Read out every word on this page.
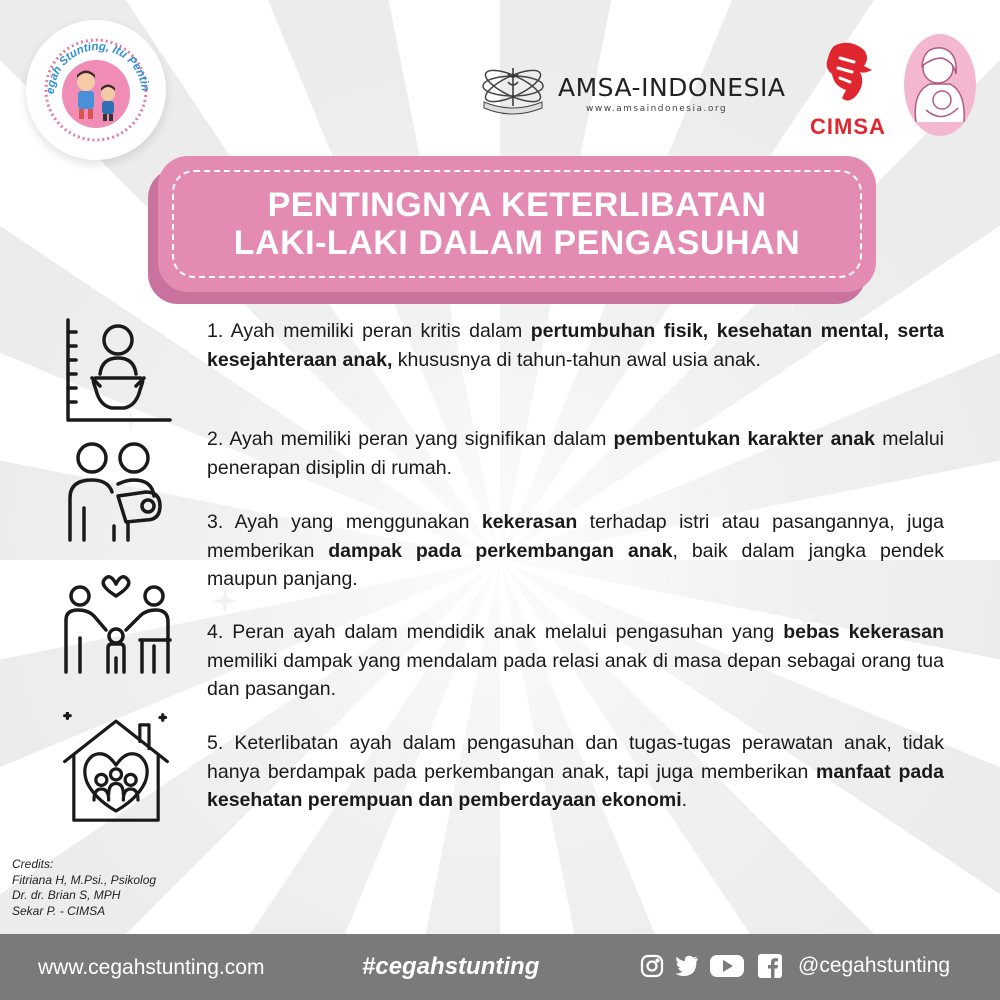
egah Stunting, Itu Pentin	AMSA-INDONESIA
www.amsaindonesia.org
CIMSA
PENTINGNYA KETERLIBATAN
LAKI-LAKI DALAM PENGASUHAN
1. Ayah memiliki peran kritis dalam pertumbuhan fisik, kesehatan mental, serta kesejahteraan anak, khususnya di tahun-tahun awal usia anak.
2. Ayah memiliki peran yang signifikan dalam pembentukan karakter anak melalui penerapan disiplin di rumah.
3. Ayah yang menggunakan kekerasan terhadap istri atau pasangannya, juga memberikan dampak pada perkembangan anak, baik dalam jangka pendek maupun panjang.
4. Peran ayah dalam mendidik anak melalui pengasuhan yang bebas kekerasan memiliki dampak yang mendalam pada relasi anak di masa depan sebagai orang tua dan pasangan.
5. Keterlibatan ayah dalam pengasuhan dan tugas-tugas perawatan anak, tidak hanya berdampak pada perkembangan anak, tapi juga memberikan manfaat pada kesehatan perempuan dan pemberdayaan ekonomi.
Credits:
Fitriana H, M.Psi., Psikolog
Dr. dr. Brian S, MPH
Sekar P. - CIMSA
www.cegahstunting.com	#cegahstunting	@cegahstunting
